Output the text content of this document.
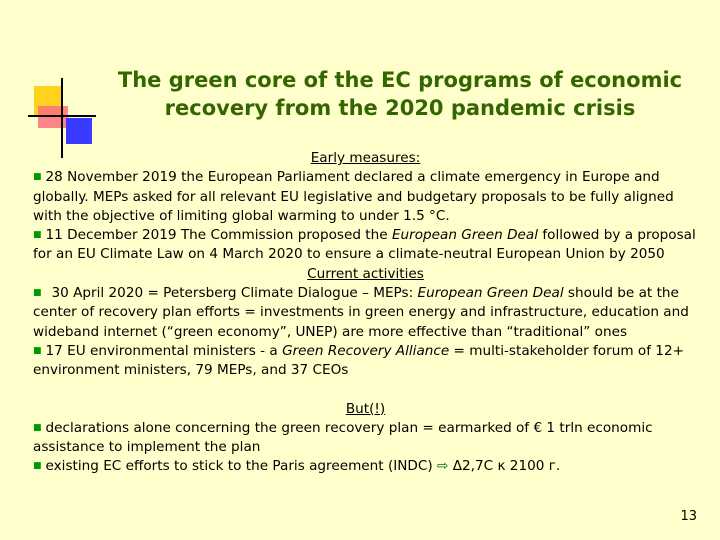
The green core of the EC programs of economic
recovery from the 2020 pandemic crisis
Early measures:

■ 28 November 2019 the European Parliament declared a climate emergency in Europe and globally. MEPs asked for all relevant EU legislative and budgetary proposals to be fully aligned with the objective of limiting global warming to under 1.5 °C.

■ 11 December 2019 The Commission proposed the European Green Deal followed by a proposal for an EU Climate Law on 4 March 2020 to ensure a climate-neutral European Union by 2050

Current activities

■ 30 April 2020 = Petersberg Climate Dialogue – MEPs: European Green Deal should be at the center of recovery plan efforts = investments in green energy and infrastructure, education and wideband internet (“green economy”, UNEP) are more effective than “traditional” ones

■ 17 EU environmental ministers - a Green Recovery Alliance = multi-stakeholder forum of 12+ environment ministers, 79 MEPs, and 37 CEOs

But(!)

■ declarations alone concerning the green recovery plan = earmarked of € 1 trln economic assistance to implement the plan

■ existing EC efforts to stick to the Paris agreement (INDC) ⇨ Δ2,7C κ 2100 г.

13
